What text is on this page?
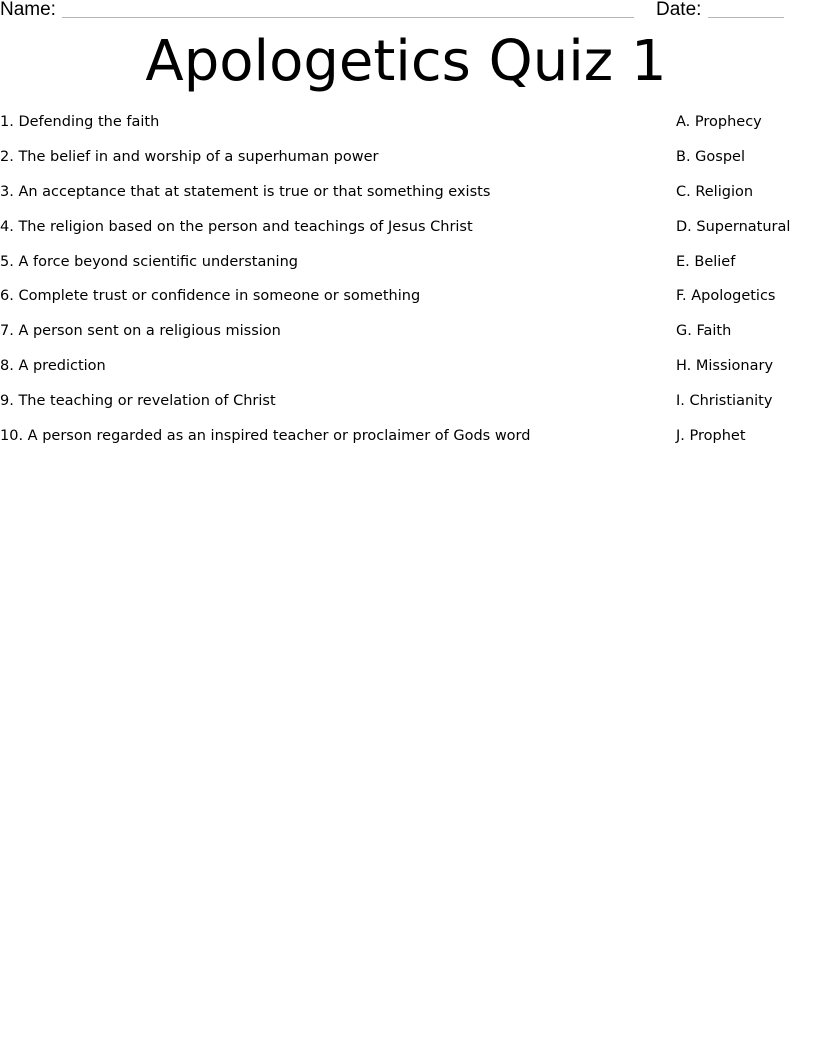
Name:	Date:
Apologetics Quiz 1
1. Defending the faith
2. The belief in and worship of a superhuman power
3. An acceptance that at statement is true or that something exists
4. The religion based on the person and teachings of Jesus Christ
5. A force beyond scientific understaning
6. Complete trust or confidence in someone or something
7. A person sent on a religious mission
8. A prediction
9. The teaching or revelation of Christ
10. A person regarded as an inspired teacher or proclaimer of Gods word
A. Prophecy
B. Gospel
C. Religion
D. Supernatural
E. Belief
F. Apologetics
G. Faith
H. Missionary
I. Christianity
J. Prophet
